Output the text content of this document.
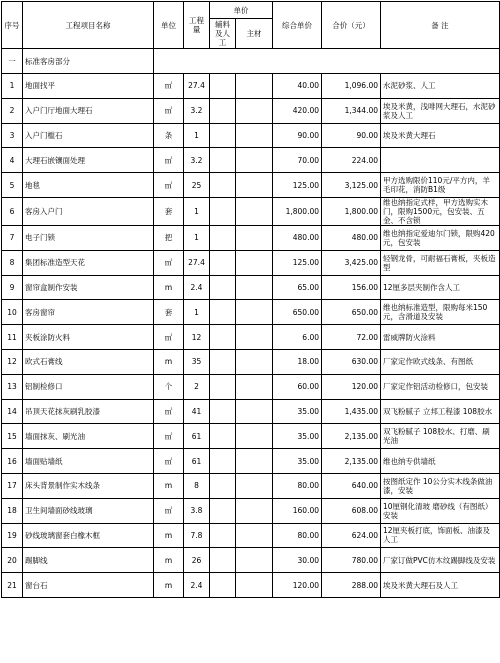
序号	工程项目名称	单位	工程量	单价		综合单价	合价（元）	备 注
				辅料及人工	主材			
一	标准客房部分							
1	地面找平	㎡	27.4			40.00	1,096.00	水泥砂浆、人工
2	入户门厅地面大理石	㎡	3.2			420.00	1,344.00	埃及米黄，浅啡网大理石，水泥砂浆及人工
3	入户门槛石	条	1			90.00	90.00	埃及米黄大理石
4	大理石嵌镶面处理	㎡	3.2			70.00	224.00	
5	地毯	㎡	25			125.00	3,125.00	甲方选购限价110元/平方内，羊毛印花，消防B1级
6	客房入户门	套	1			1,800.00	1,800.00	维也纳指定式样，甲方选购实木门，限购1500元，包安装、五金、不含锁
7	电子门锁	把	1			480.00	480.00	维也纳指定爱迪尔门锁，限购420元，包安装
8	集团标准造型天花	㎡	27.4			125.00	3,425.00	轻钢龙骨，可耐福石膏板，夹板造型
9	窗帘盒制作安装	m	2.4			65.00	156.00	12厘多层夹制作含人工
10	客房窗帘	套	1			650.00	650.00	维也纳标准造型，限购每米150元，含滑道及安装
11	夹板涂防火料	㎡	12			6.00	72.00	雷威牌防火涂料
12	欧式石膏线	m	35			18.00	630.00	厂家定作欧式线条、有图纸
13	铝制检修口	个	2			60.00	120.00	厂家定作铝活动检修口，包安装
14	吊顶天花抹灰刷乳胶漆	㎡	41			35.00	1,435.00	双飞粉腻子 立邦工程漆 108胶水
15	墙面抹灰、刷光油	㎡	61			35.00	2,135.00	双飞粉腻子 108胶水、打磨、刷光油
16	墙面贴墙纸	㎡	61			35.00	2,135.00	维也纳专供墙纸
17	床头背景制作实木线条	m	8			80.00	640.00	按图纸定作 10公分实木线条做油漆，安装
18	卫生间墙面砂线玻璃	㎡	3.8			160.00	608.00	10厘钢化清玻 磨砂线（有图纸）安装
19	砂线玻璃窗套白橡木框	m	7.8			80.00	624.00	12厘夹板打底，饰面板、油漆及人工
20	踢脚线	m	26			30.00	780.00	厂家订做PVC仿木纹踢脚线及安装
21	窗台石	m	2.4			120.00	288.00	埃及米黄大理石及人工
